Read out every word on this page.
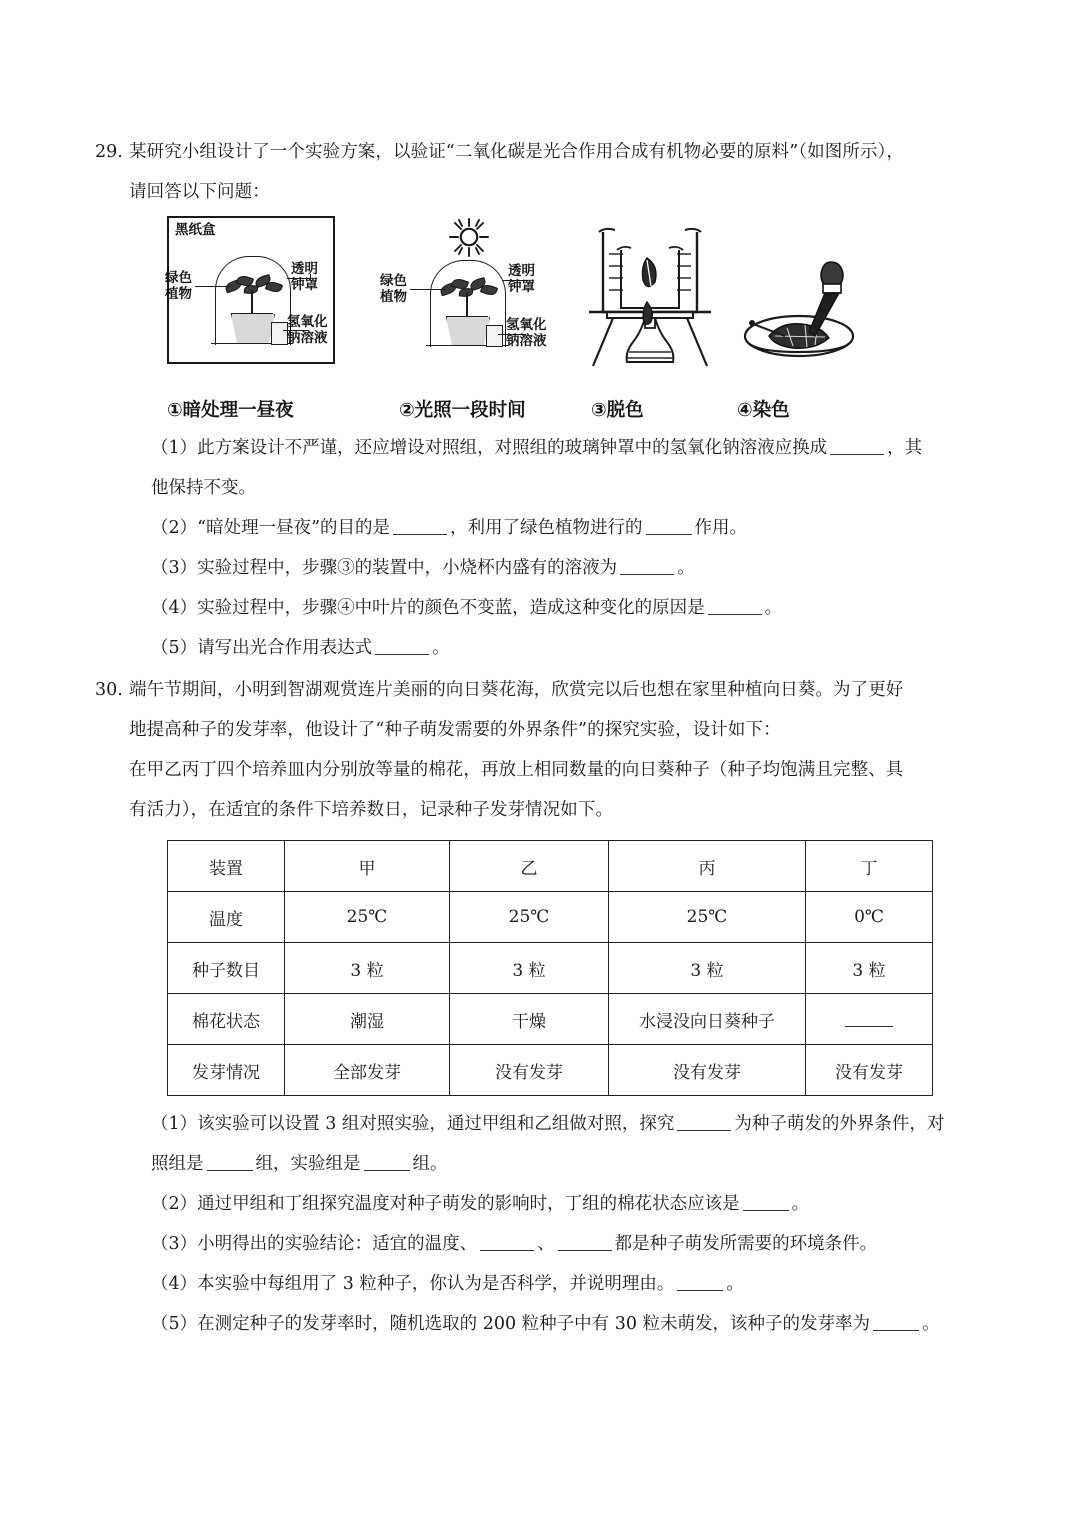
29. 某研究小组设计了一个实验方案，以验证“二氧化碳是光合作用合成有机物必要的原料”（如图所示），
请回答以下问题：
黑纸盒
绿色
植物
透明
钟罩
氢氧化
钠溶液
绿色
植物
透明
钟罩
氢氧化
钠溶液
①暗处理一昼夜	②光照一段时间	③脱色	④染色
（1）此方案设计不严谨，还应增设对照组，对照组的玻璃钟罩中的氢氧化钠溶液应换成	，其
他保持不变。
（2）“暗处理一昼夜”的目的是	，利用了绿色植物进行的	作用。
（3）实验过程中，步骤③的装置中，小烧杯内盛有的溶液为	。
（4）实验过程中，步骤④中叶片的颜色不变蓝，造成这种变化的原因是	。
（5）请写出光合作用表达式	。
30. 端午节期间，小明到智湖观赏连片美丽的向日葵花海，欣赏完以后也想在家里种植向日葵。为了更好
地提高种子的发芽率，他设计了“种子萌发需要的外界条件”的探究实验，设计如下：
在甲乙丙丁四个培养皿内分别放等量的棉花，再放上相同数量的向日葵种子（种子均饱满且完整、具
有活力），在适宜的条件下培养数日，记录种子发芽情况如下。
装置	甲	乙	丙	丁
温度	25℃	25℃	25℃	0℃
种子数目	3 粒	3 粒	3 粒	3 粒
棉花状态	潮湿	干燥	水浸没向日葵种子	
发芽情况	全部发芽	没有发芽	没有发芽	没有发芽
（1）该实验可以设置 3 组对照实验，通过甲组和乙组做对照，探究	为种子萌发的外界条件，对
照组是	组，实验组是	组。
（2）通过甲组和丁组探究温度对种子萌发的影响时，丁组的棉花状态应该是	。
（3）小明得出的实验结论：适宜的温度、	、	都是种子萌发所需要的环境条件。
（4）本实验中每组用了 3 粒种子，你认为是否科学，并说明理由。	。
（5）在测定种子的发芽率时，随机选取的 200 粒种子中有 30 粒未萌发，该种子的发芽率为	。
